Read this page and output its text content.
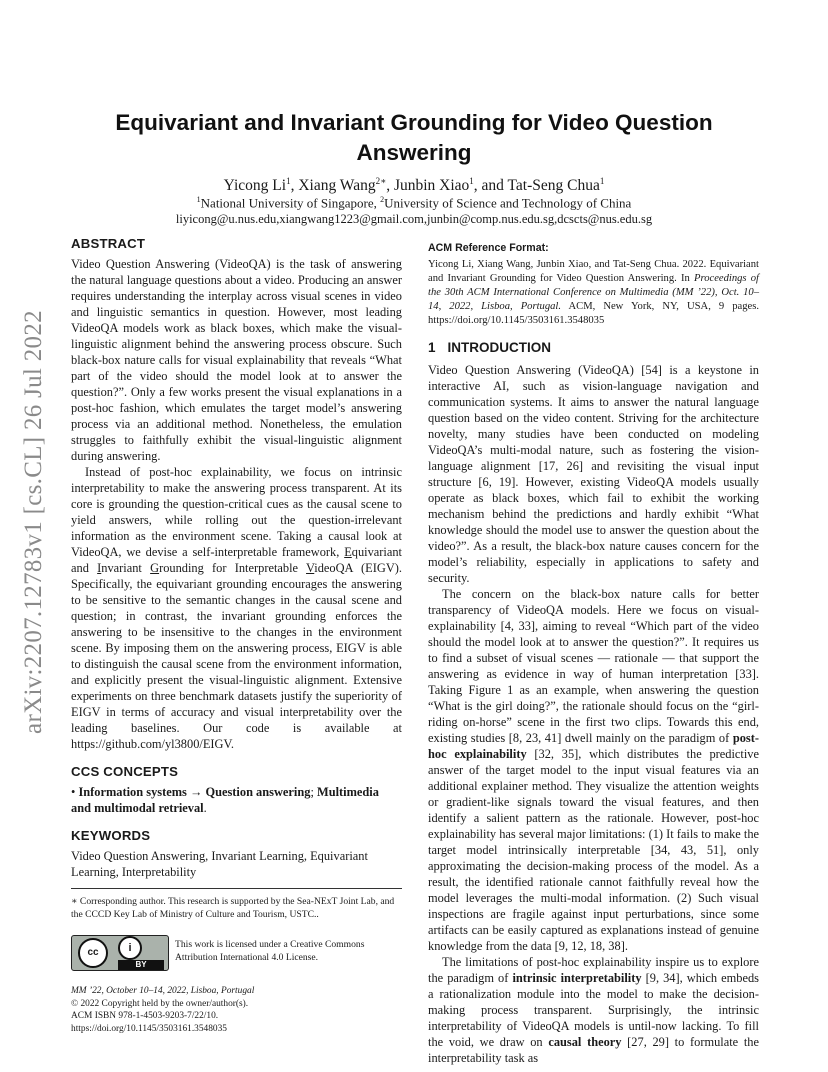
arXiv:2207.12783v1 [cs.CL] 26 Jul 2022
Equivariant and Invariant Grounding for Video Question
Answering
Yicong Li$^1$, Xiang Wang$^{2∗}$, Junbin Xiao$^1$, and Tat-Seng Chua$^1$
$^1$National University of Singapore, $^2$University of Science and Technology of China
liyicong@u.nus.edu,xiangwang1223@gmail.com,junbin@comp.nus.edu.sg,dcscts@nus.edu.sg
ABSTRACT

Video Question Answering (VideoQA) is the task of answering the natural language questions about a video. Producing an answer requires understanding the interplay across visual scenes in video and linguistic semantics in question. However, most leading VideoQA models work as black boxes, which make the visual-linguistic alignment behind the answering process obscure. Such black-box nature calls for visual explainability that reveals “What part of the video should the model look at to answer the question?”. Only a few works present the visual explanations in a post-hoc fashion, which emulates the target model’s answering process via an additional method. Nonetheless, the emulation struggles to faithfully exhibit the visual-linguistic alignment during answering.

Instead of post-hoc explainability, we focus on intrinsic interpretability to make the answering process transparent. At its core is grounding the question-critical cues as the causal scene to yield answers, while rolling out the question-irrelevant information as the environment scene. Taking a causal look at VideoQA, we devise a self-interpretable framework, Equivariant and Invariant Grounding for Interpretable VideoQA (EIGV). Specifically, the equivariant grounding encourages the answering to be sensitive to the semantic changes in the causal scene and question; in contrast, the invariant grounding enforces the answering to be insensitive to the changes in the environment scene. By imposing them on the answering process, EIGV is able to distinguish the causal scene from the environment information, and explicitly present the visual-linguistic alignment. Extensive experiments on three benchmark datasets justify the superiority of EIGV in terms of accuracy and visual interpretability over the leading baselines. Our code is available at https://github.com/yl3800/EIGV.

CCS CONCEPTS

• Information systems → Question answering; Multimedia and multimodal retrieval.

KEYWORDS

Video Question Answering, Invariant Learning, Equivariant Learning, Interpretability

∗ Corresponding author. This research is supported by the Sea-NExT Joint Lab, and the CCCD Key Lab of Ministry of Culture and Tourism, USTC..
cc	i
BY
This work is licensed under a Creative Commons Attribution International 4.0 License.
MM ’22, October 10–14, 2022, Lisboa, Portugal
© 2022 Copyright held by the owner/author(s).
ACM ISBN 978-1-4503-9203-7/22/10.
https://doi.org/10.1145/3503161.3548035
ACM Reference Format:

Yicong Li, Xiang Wang, Junbin Xiao, and Tat-Seng Chua. 2022. Equivariant and Invariant Grounding for Video Question Answering. In Proceedings of the 30th ACM International Conference on Multimedia (MM ’22), Oct. 10–14, 2022, Lisboa, Portugal. ACM, New York, NY, USA, 9 pages. https://doi.org/10.1145/3503161.3548035

1 INTRODUCTION

Video Question Answering (VideoQA) [54] is a keystone in interactive AI, such as vision-language navigation and communication systems. It aims to answer the natural language question based on the video content. Striving for the architecture novelty, many studies have been conducted on modeling VideoQA’s multi-modal nature, such as fostering the vision-language alignment [17, 26] and revisiting the visual input structure [6, 19]. However, existing VideoQA models usually operate as black boxes, which fail to exhibit the working mechanism behind the predictions and hardly exhibit “What knowledge should the model use to answer the question about the video?”. As a result, the black-box nature causes concern for the model’s reliability, especially in applications to safety and security.

The concern on the black-box nature calls for better transparency of VideoQA models. Here we focus on visual-explainability [4, 33], aiming to reveal “Which part of the video should the model look at to answer the question?”. It requires us to find a subset of visual scenes — rationale — that support the answering as evidence in way of human interpretation [33]. Taking Figure 1 as an example, when answering the question “What is the girl doing?”, the rationale should focus on the “girl-riding on-horse” scene in the first two clips. Towards this end, existing studies [8, 23, 41] dwell mainly on the paradigm of post-hoc explainability [32, 35], which distributes the predictive answer of the target model to the input visual features via an additional explainer method. They visualize the attention weights or gradient-like signals toward the visual features, and then identify a salient pattern as the rationale. However, post-hoc explainability has several major limitations: (1) It fails to make the target model intrinsically interpretable [34, 43, 51], only approximating the decision-making process of the model. As a result, the identified rationale cannot faithfully reveal how the model leverages the multi-modal information. (2) Such visual inspections are fragile against input perturbations, since some artifacts can be easily captured as explanations instead of genuine knowledge from the data [9, 12, 18, 38].

The limitations of post-hoc explainability inspire us to explore the paradigm of intrinsic interpretability [9, 34], which embeds a rationalization module into the model to make the decision-making process transparent. Surprisingly, the intrinsic interpretability of VideoQA models is until-now lacking. To fill the void, we draw on causal theory [27, 29] to formulate the interpretability task as
